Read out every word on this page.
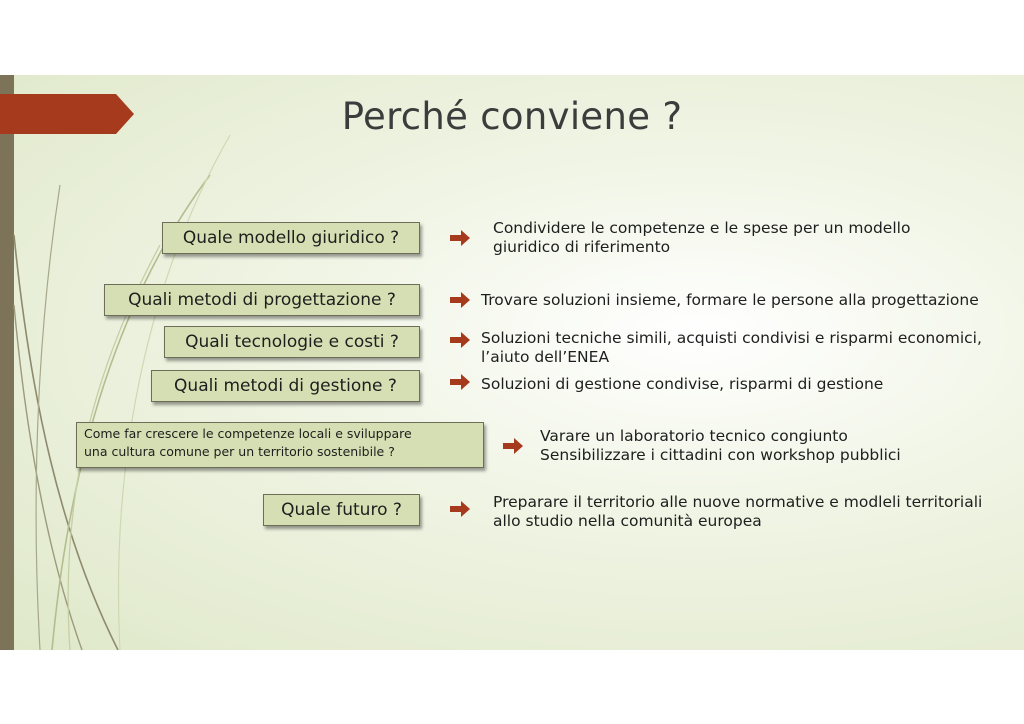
Perché conviene ?
Quale modello giuridico ?	Condividere le competenze e le spese per un modello
giuridico di riferimento
Quali metodi di progettazione ?	Trovare soluzioni insieme, formare le persone alla progettazione
Quali tecnologie e costi ?	Soluzioni tecniche simili, acquisti condivisi e risparmi economici,
l’aiuto dell’ENEA
Quali metodi di gestione ?	Soluzioni di gestione condivise, risparmi di gestione
Come far crescere le competenze locali e sviluppare
una cultura comune per un territorio sostenibile ?
Varare un laboratorio tecnico congiunto
Sensibilizzare i cittadini con workshop pubblici
Quale futuro ?	Preparare il territorio alle nuove normative e modleli territoriali
allo studio nella comunità europea
